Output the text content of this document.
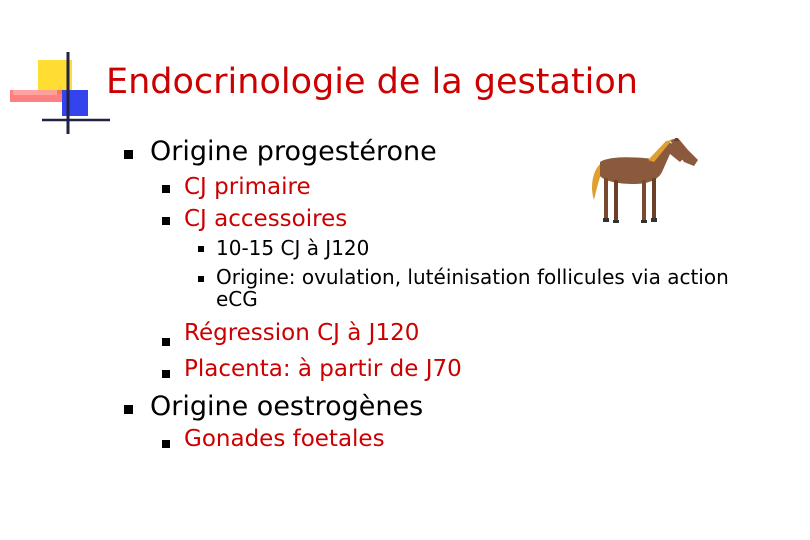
Endocrinologie de la gestation
Origine progestérone
CJ primaire
CJ accessoires
10-15 CJ à J120
Origine: ovulation, lutéinisation follicules via action
eCG
Régression CJ à J120
Placenta: à partir de J70
Origine oestrogènes
Gonades foetales
